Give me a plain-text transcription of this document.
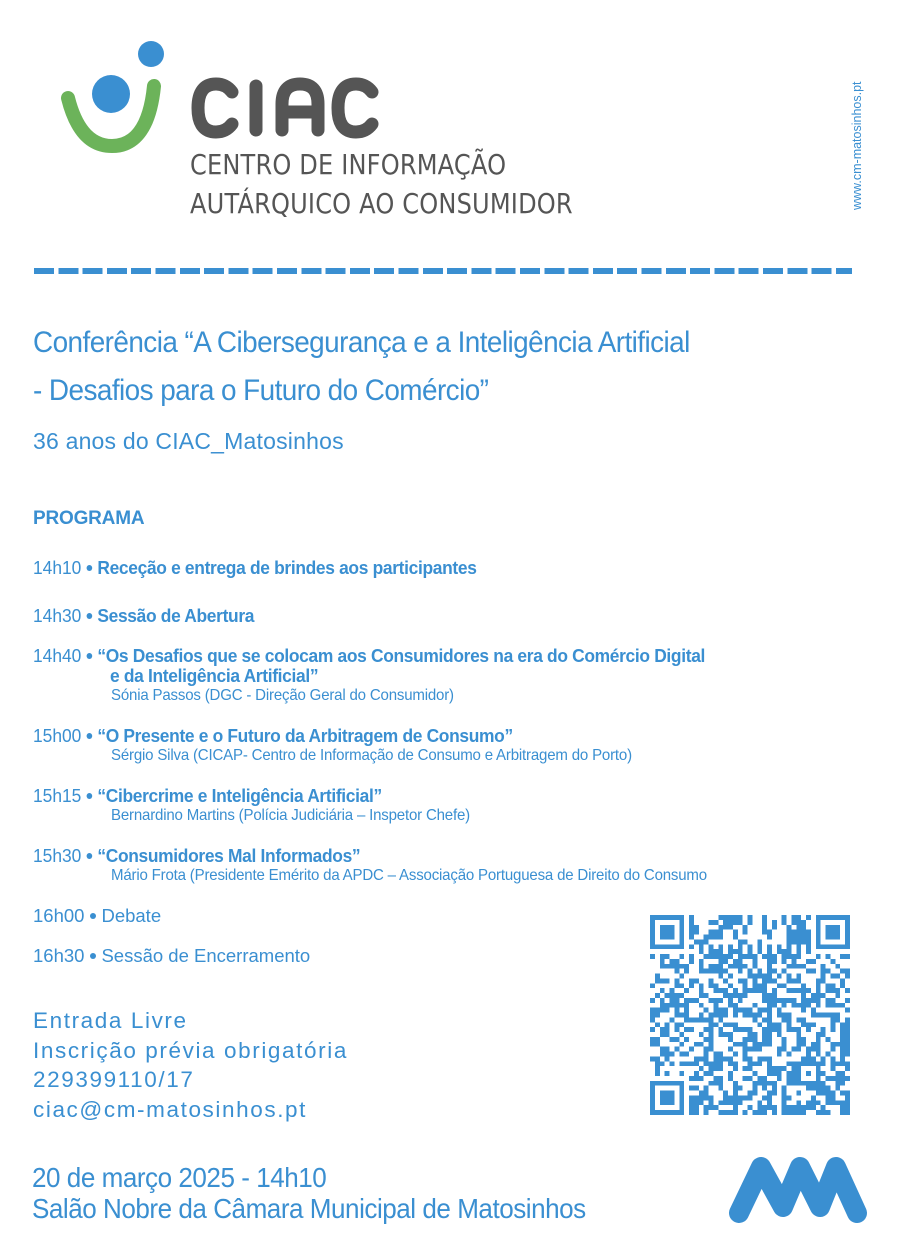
CENTRO DE INFORMAÇÃO
AUTÁRQUICO AO CONSUMIDOR	www.cm-matosinhos.pt
Conferência “A Cibersegurança e a Inteligência Artificial
- Desafios para o Futuro do Comércio”
36 anos do CIAC_Matosinhos
PROGRAMA
14h10 Receção e entrega de brindes aos participantes
14h30 Sessão de Abertura
14h40 “Os Desafios que se colocam aos Consumidores na era do Comércio Digital
e da Inteligência Artificial”
Sónia Passos (DGC - Direção Geral do Consumidor)
15h00 “O Presente e o Futuro da Arbitragem de Consumo”
Sérgio Silva (CICAP- Centro de Informação de Consumo e Arbitragem do Porto)
15h15 “Cibercrime e Inteligência Artificial”
Bernardino Martins (Polícia Judiciária – Inspetor Chefe)
15h30 “Consumidores Mal Informados”
Mário Frota (Presidente Emérito da APDC – Associação Portuguesa de Direito do Consumo
16h00 Debate
16h30 Sessão de Encerramento
Entrada Livre
Inscrição prévia obrigatória
229399110/17
ciac@cm-matosinhos.pt
20 de março 2025 - 14h10
Salão Nobre da Câmara Municipal de Matosinhos
